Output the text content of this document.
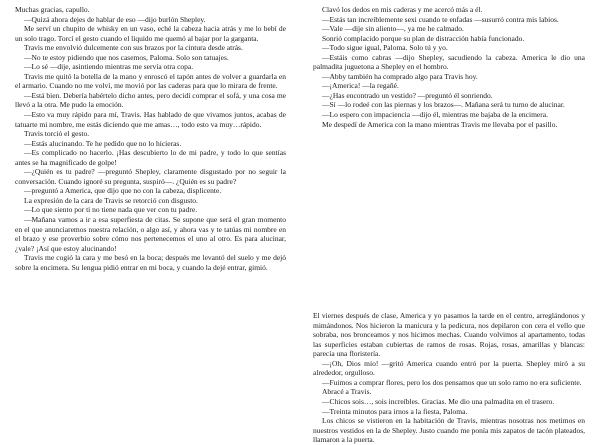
Muchas gracias, capullo.

—Quizá ahora dejes de hablar de eso —dijo burlón Shepley.

Me serví un chupito de whisky en un vaso, eché la cabeza hacia atrás y me lo bebí de un solo trago. Torcí el gesto cuando el líquido me quemó al bajar por la garganta.

Travis me envolvió dulcemente con sus brazos por la cintura desde atrás.

—No te estoy pidiendo que nos casemos, Paloma. Solo son tatuajes.

—Lo sé —dije, asintiendo mientras me servía otra copa.

Travis me quitó la botella de la mano y enroscó el tapón antes de volver a guardarla en el armario. Cuando no me volví, me movió por las caderas para que lo mirara de frente.

—Está bien. Debería habértelo dicho antes, pero decidí comprar el sofá, y una cosa me llevó a la otra. Me pudo la emoción.

—Esto va muy rápido para mí, Travis. Has hablado de que vivamos juntos, acabas de tatuarte mi nombre, me estás diciendo que me amas…, todo esto va muy…rápido.

Travis torció el gesto.

—Estás alucinando. Te he pedido que no lo hicieras.

—Es complicado no hacerlo. ¡Has descubierto lo de mi padre, y todo lo que sentías antes se ha magnificado de golpe!

—¿Quién es tu padre? —preguntó Shepley, claramente disgustado por no seguir la conversación. Cuando ignoré su pregunta, suspiró—. ¿Quién es su padre?

—preguntó a America, que dijo que no con la cabeza, displicente.

La expresión de la cara de Travis se retorció con disgusto.

—Lo que siento por ti no tiene nada que ver con tu padre.

—Mañana vamos a ir a esa superfiesta de citas. Se supone que será el gran momento en el que anunciaremos nuestra relación, o algo así, y ahora vas y te tatúas mi nombre en el brazo y ese proverbio sobre cómo nos pertenecemos el uno al otro. Es para alucinar, ¿vale? ¡Así que estoy alucinando!

Travis me cogió la cara y me besó en la boca; después me levantó del suelo y me dejó sobre la encimera. Su lengua pidió entrar en mi boca, y cuando la dejé entrar, gimió.

Clavó los dedos en mis caderas y me acercó más a él.

—Estás tan increíblemente sexi cuando te enfadas —susurró contra mis labios.

—Vale —dije sin aliento—, ya me he calmado.

Sonrió complacido porque su plan de distracción había funcionado.

—Todo sigue igual, Paloma. Solo tú y yo.

—Estáis como cabras —dijo Shepley, sacudiendo la cabeza. America le dio una palmadita juguetona a Shepley en el hombro.

—Abby también ha comprado algo para Travis hoy.

—¡America! —la regañé.

—¿Has encontrado un vestido? —preguntó él sonriendo.

—Sí —lo rodeé con las piernas y los brazos—. Mañana será tu turno de alucinar.

—Lo espero con impaciencia —dijo él, mientras me bajaba de la encimera.

Me despedí de America con la mano mientras Travis me llevaba por el pasillo.

El viernes después de clase, America y yo pasamos la tarde en el centro, arreglándonos y mimándonos. Nos hicieron la manicura y la pedicura, nos depilaron con cera el vello que sobraba, nos bronceamos y nos hicimos mechas. Cuando volvimos al apartamento, todas las superficies estaban cubiertas de ramos de rosas. Rojas, rosas, amarillas y blancas: parecía una floristería.

—¡Oh, Dios mío! —gritó America cuando entró por la puerta. Shepley miró a su alrededor, orgulloso.

—Fuimos a comprar flores, pero los dos pensamos que un solo ramo no era suficiente.

Abracé a Travis.

—Chicos sois…, sois increíbles. Gracias. Me dio una palmadita en el trasero.

—Treinta minutos para irnos a la fiesta, Paloma.

Los chicos se vistieron en la habitación de Travis, mientras nosotras nos metimos en nuestros vestidos en la de Shepley. Justo cuando me ponía mis zapatos de tacón plateados, llamaron a la puerta.
